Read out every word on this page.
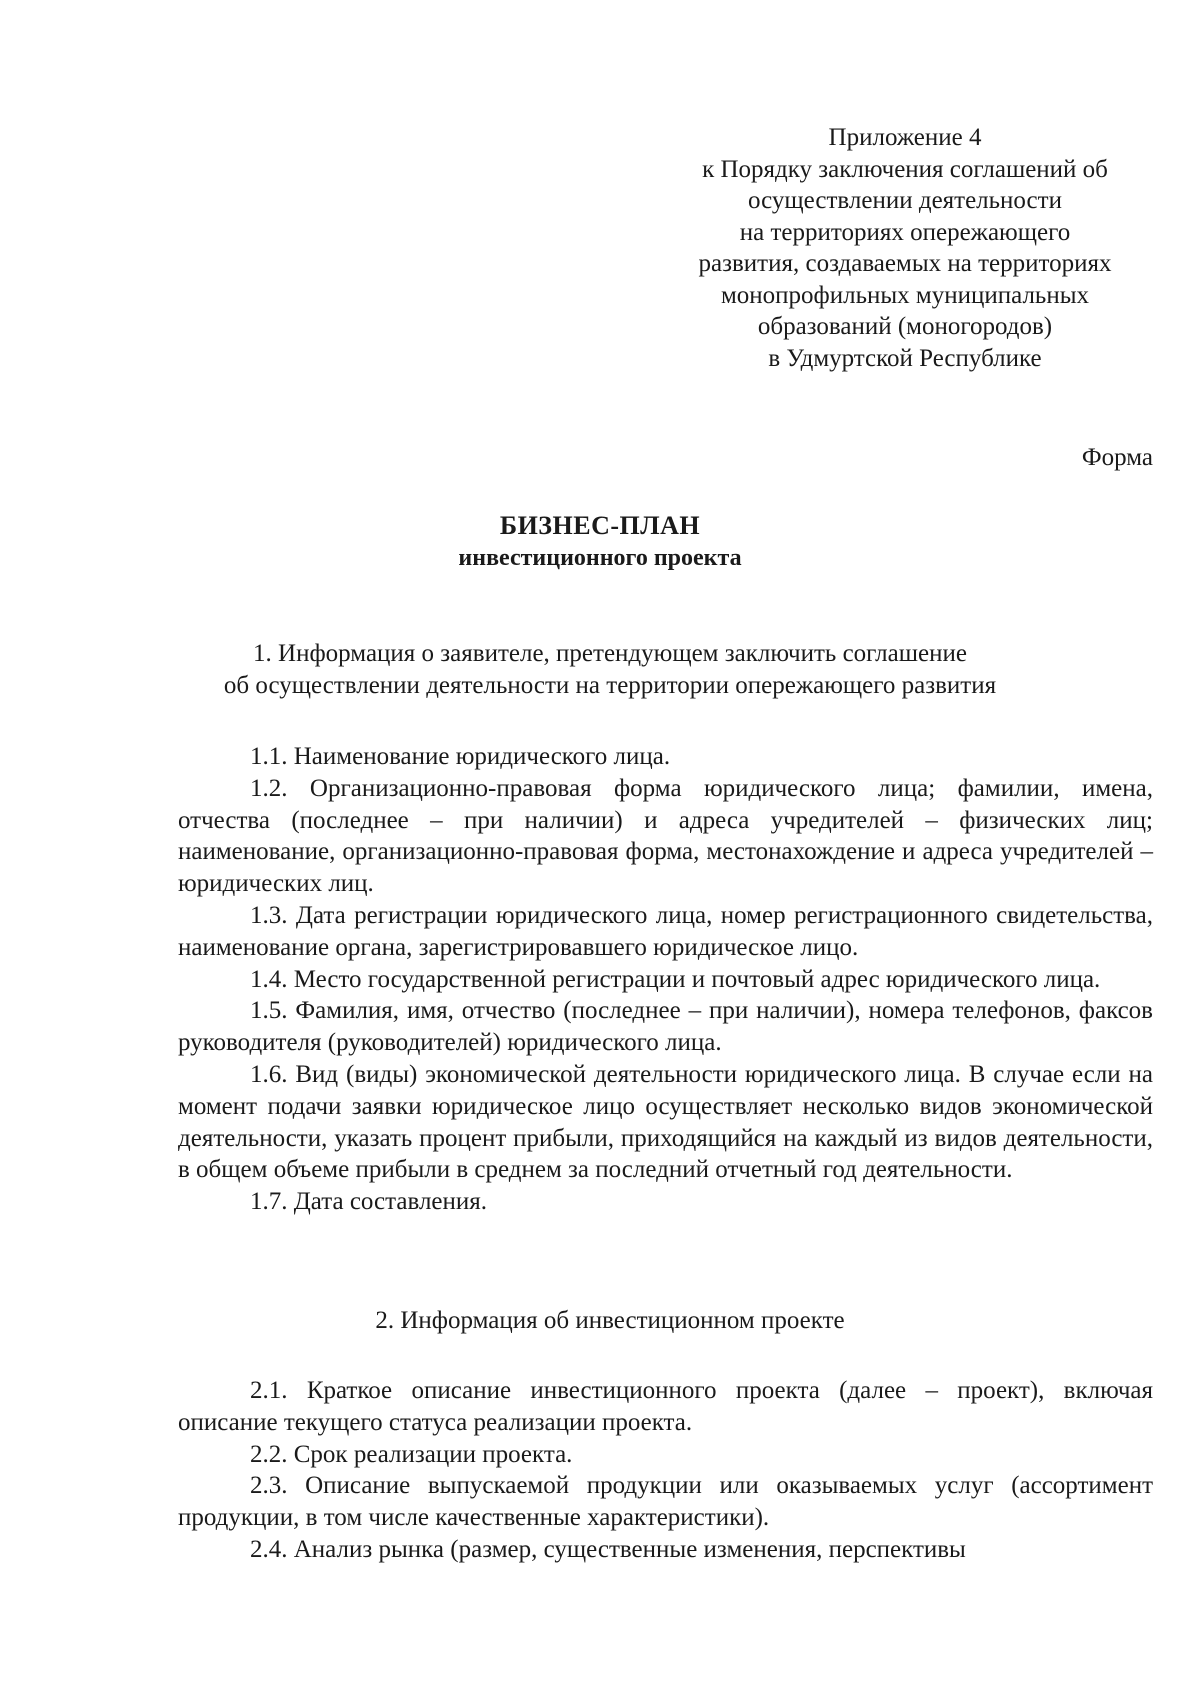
Приложение 4
к Порядку заключения соглашений об
осуществлении деятельности
на территориях опережающего
развития, создаваемых на территориях
монопрофильных муниципальных
образований (моногородов)
в Удмуртской Республике
Форма
БИЗНЕС-ПЛАН
инвестиционного проекта
1. Информация о заявителе, претендующем заключить соглашение
об осуществлении деятельности на территории опережающего развития

1.1. Наименование юридического лица.

1.2. Организационно-правовая форма юридического лица; фамилии, имена, отчества (последнее – при наличии) и адреса учредителей – физических лиц; наименование, организационно-правовая форма, местонахождение и адреса учредителей – юридических лиц.

1.3. Дата регистрации юридического лица, номер регистрационного свидетельства, наименование органа, зарегистрировавшего юридическое лицо.

1.4. Место государственной регистрации и почтовый адрес юридического лица.

1.5. Фамилия, имя, отчество (последнее – при наличии), номера телефонов, факсов руководителя (руководителей) юридического лица.

1.6. Вид (виды) экономической деятельности юридического лица. В случае если на момент подачи заявки юридическое лицо осуществляет несколько видов экономической деятельности, указать процент прибыли, приходящийся на каждый из видов деятельности, в общем объеме прибыли в среднем за последний отчетный год деятельности.

1.7. Дата составления.

2. Информация об инвестиционном проекте

2.1. Краткое описание инвестиционного проекта (далее – проект), включая описание текущего статуса реализации проекта.

2.2. Срок реализации проекта.

2.3. Описание выпускаемой продукции или оказываемых услуг (ассортимент продукции, в том числе качественные характеристики).

2.4. Анализ рынка (размер, существенные изменения, перспективы
